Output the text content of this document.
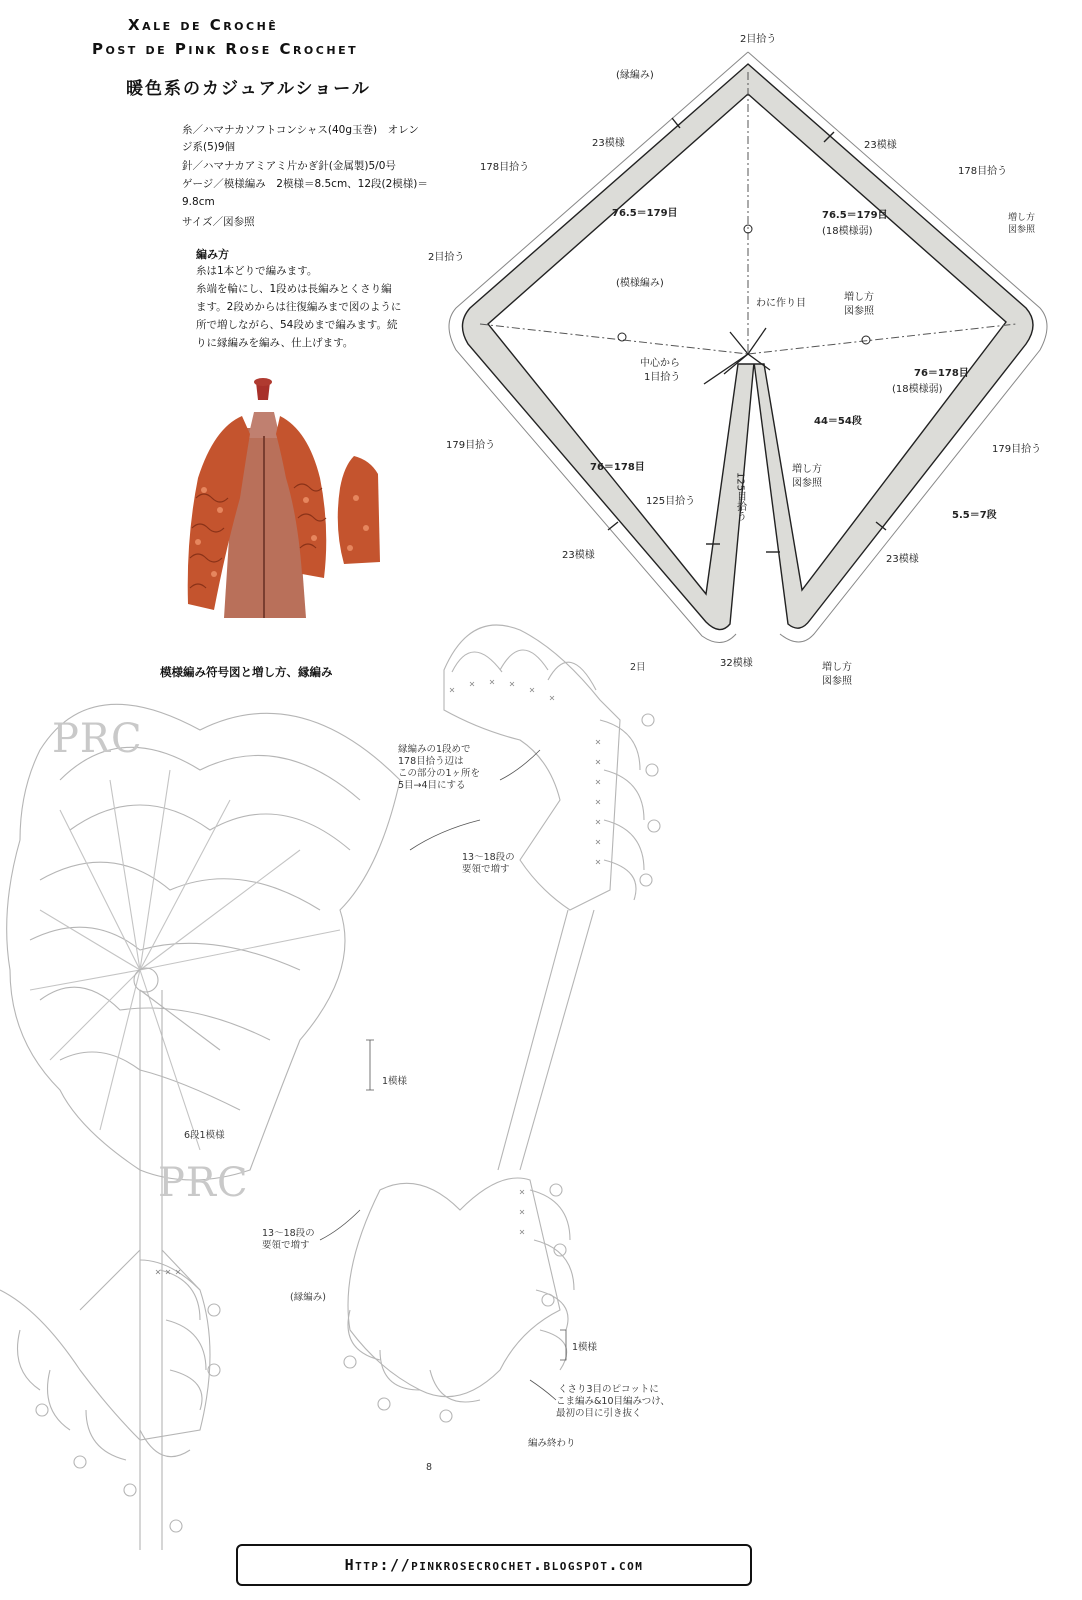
Xale de Crochê
Post de Pink Rose Crochet
暖色系のカジュアルショール
糸／ハマナカソフトコンシャス(40g玉巻)　オレン
ジ系(5)9個
針／ハマナカアミアミ片かぎ針(金属製)5/0号
ゲージ／模様編み　2模様＝8.5cm、12段(2模様)＝
9.8cm
サイズ／図参照
編み方
糸は1本どりで編みます。
糸端を輪にし、1段めは長編みとくさり編
ます。2段めからは往復編みまで図のように
所で増しながら、54段めまで編みます。続
りに縁編みを編み、仕上げます。
2目拾う
(縁編み)
23模様	23模様
178目拾う	178目拾う
76.5＝179目	76.5＝179目
(18模様弱)
増し方
図参照
2目拾う
(模様編み)
わに作り目
増し方
図参照
中心から
1目拾う	76＝178目
(18模様弱)
44＝54段
179目拾う	179目拾う
76＝178目	増し方
図参照
125目拾う
125目拾う
5.5＝7段
23模様	23模様
32模様	増し方
図参照
模様編み符号図と増し方、縁編み	2目
縁編みの1段めで
178目拾う辺は
この部分の1ヶ所を
5目→4目にする
13～18段の
要領で増す
1模様
6段1模様
13～18段の
要領で増す
(縁編み)
1模様
くさり3目のピコットに
こま編み&10目編みつけ、
最初の目に引き抜く
編み終わり
8
PRC
PRC
Http://pinkrosecrochet.blogspot.com
